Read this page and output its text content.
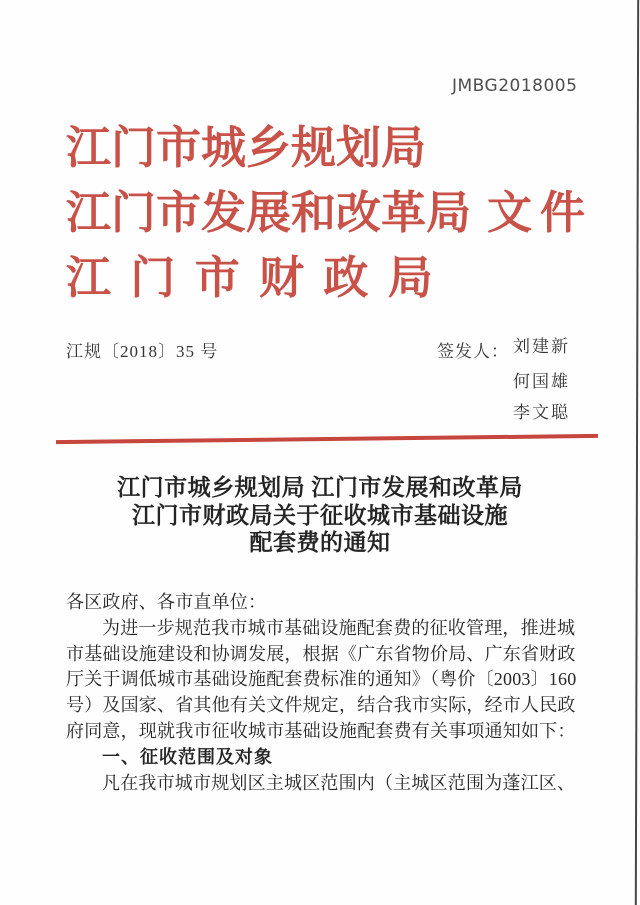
JMBG2018005
江门市城乡规划局
江门市发展和改革局 文件
江门市财政局
江规〔2018〕35 号	签发人： 刘建新
何国雄
李文聪
江门市城乡规划局 江门市发展和改革局
江门市财政局关于征收城市基础设施
配套费的通知
各区政府、各市直单位：
为进一步规范我市城市基础设施配套费的征收管理，推进城
市基础设施建设和协调发展，根据《广东省物价局、广东省财政
厅关于调低城市基础设施配套费标准的通知》（粤价〔2003〕160
号）及国家、省其他有关文件规定，结合我市实际，经市人民政
府同意，现就我市征收城市基础设施配套费有关事项通知如下：
一、征收范围及对象
凡在我市城市规划区主城区范围内（主城区范围为蓬江区、
